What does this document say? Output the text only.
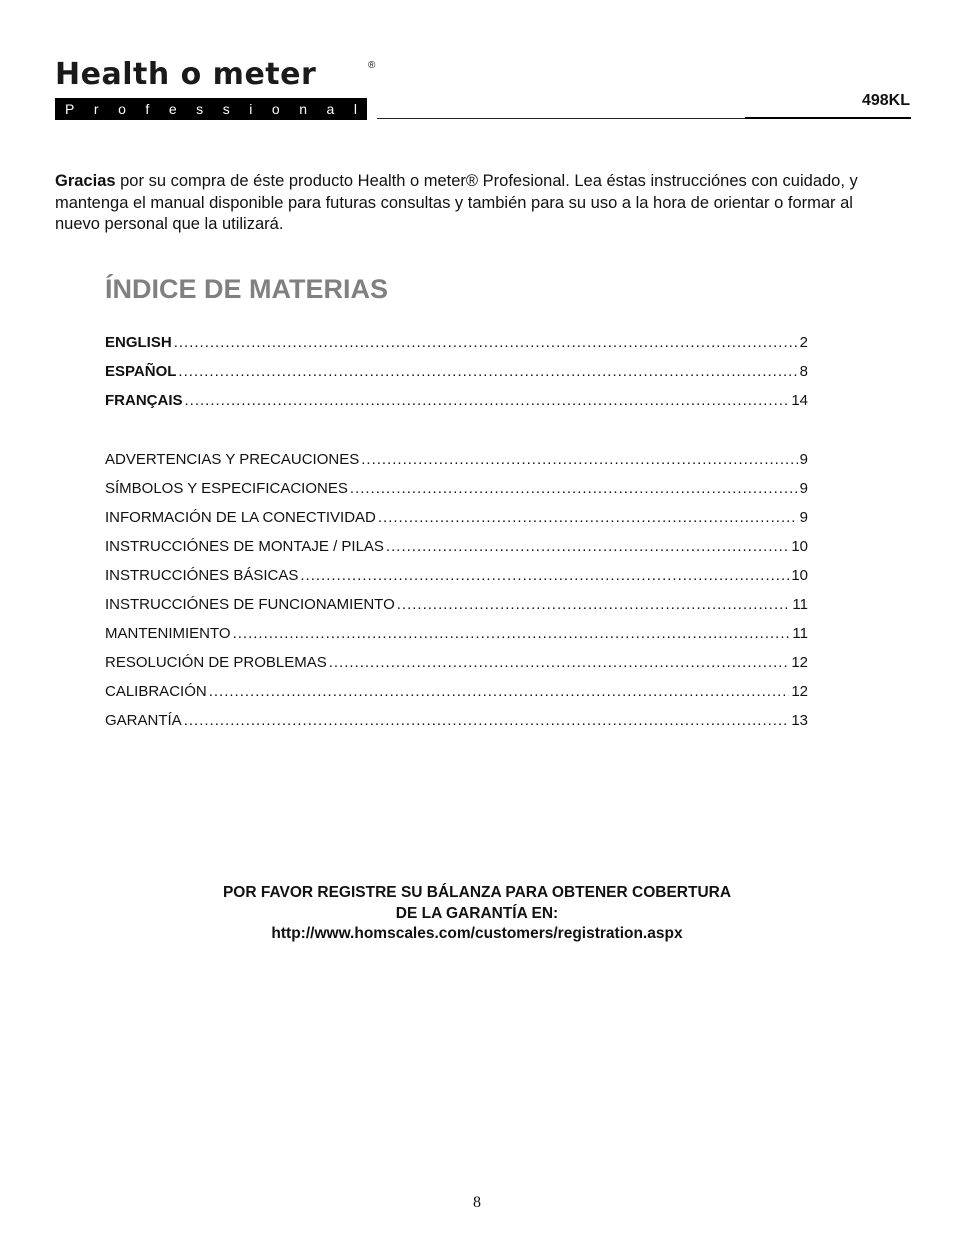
Health o meter	®
P r o f e s s i o n a l	498KL

Gracias por su compra de éste producto Health o meter® Profesional. Lea éstas instrucciónes con cuidado, y mantenga el manual disponible para futuras consultas y también para su uso a la hora de orientar o formar al nuevo personal que la utilizará.

ÍNDICE DE MATERIAS
ENGLISH .....	2
ESPAÑOL .....	8
FRANÇAIS .....	14
ADVERTENCIAS Y PRECAUCIONES .....	9
SÍMBOLOS Y ESPECIFICACIONES .....	9
INFORMACIÓN DE LA CONECTIVIDAD .....	9
INSTRUCCIÓNES DE MONTAJE / PILAS .....	10
INSTRUCCIÓNES BÁSICAS .....	10
INSTRUCCIÓNES DE FUNCIONAMIENTO .....	11
MANTENIMIENTO .....	11
RESOLUCIÓN DE PROBLEMAS .....	12
CALIBRACIÓN .....	12
GARANTÍA .....	13
POR FAVOR REGISTRE SU BÁLANZA PARA OBTENER COBERTURA
DE LA GARANTÍA EN:
http://www.homscales.com/customers/registration.aspx
8
